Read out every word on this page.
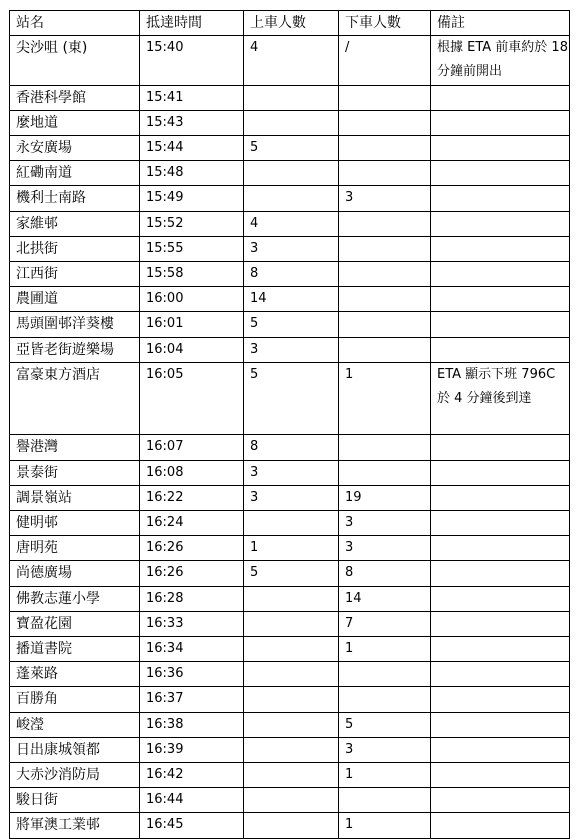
站名	抵達時間	上車人數	下車人數	備註
尖沙咀 (東)	15:40	4	/	根據 ETA 前車約於 18 分鐘前開出
香港科學館	15:41			
麼地道	15:43			
永安廣場	15:44	5		
紅磡南道	15:48			
機利士南路	15:49		3	
家維邨	15:52	4		
北拱街	15:55	3		
江西街	15:58	8		
農圃道	16:00	14		
馬頭圍邨洋葵樓	16:01	5		
亞皆老街遊樂場	16:04	3		
富豪東方酒店	16:05	5	1	ETA 顯示下班 796C 於 4 分鐘後到達
譽港灣	16:07	8		
景泰街	16:08	3		
調景嶺站	16:22	3	19	
健明邨	16:24		3	
唐明苑	16:26	1	3	
尚德廣場	16:26	5	8	
佛教志蓮小學	16:28		14	
寶盈花園	16:33		7	
播道書院	16:34		1	
蓬萊路	16:36			
百勝角	16:37			
峻瀅	16:38		5	
日出康城領都	16:39		3	
大赤沙消防局	16:42		1	
駿日街	16:44			
將軍澳工業邨	16:45		1	
